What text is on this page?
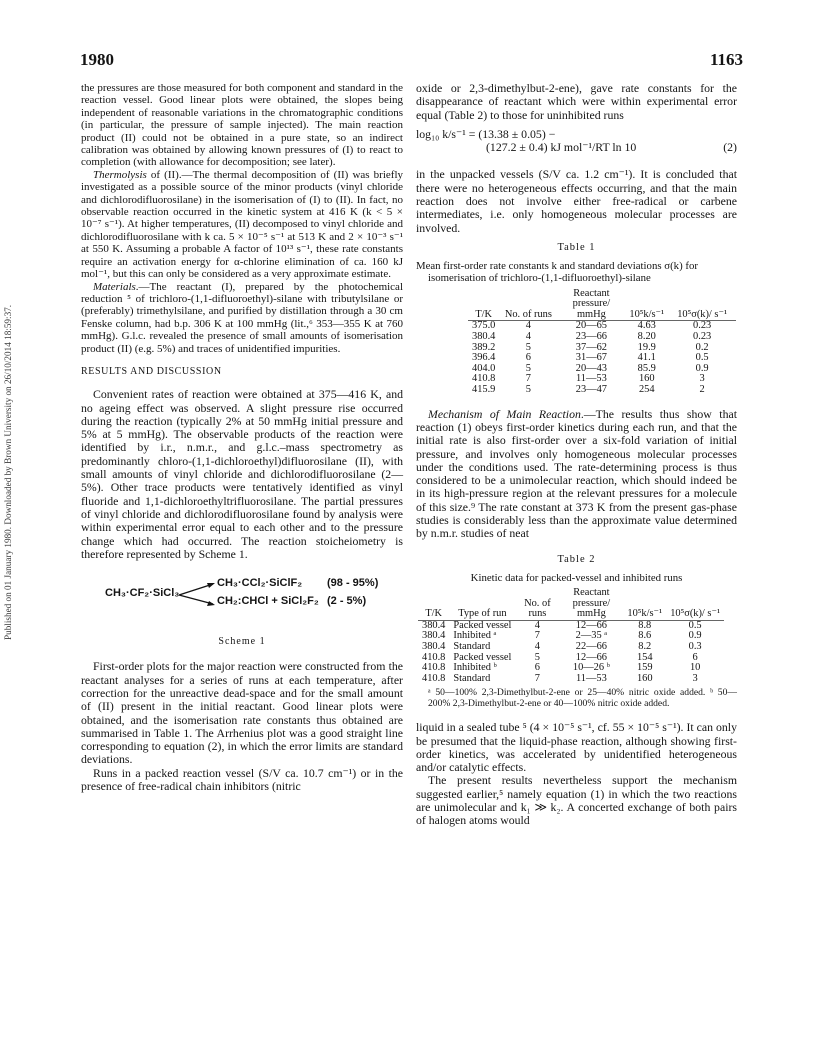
Published on 01 January 1980. Downloaded by Brown University on 26/10/2014 18:59:37.
1980	1163

the pressures are those measured for both component and standard in the reaction vessel. Good linear plots were obtained, the slopes being independent of reasonable variations in the chromatographic conditions (in particular, the pressure of sample injected). The main reaction product (II) could not be obtained in a pure state, so an indirect calibration was obtained by allowing known pressures of (I) to react to completion (with allowance for decomposition; see later).

Thermolysis of (II).—The thermal decomposition of (II) was briefly investigated as a possible source of the minor products (vinyl chloride and dichlorodifluorosilane) in the isomerisation of (I) to (II). In fact, no observable reaction occurred in the kinetic system at 416 K (k < 5 × 10⁻⁷ s⁻¹). At higher temperatures, (II) decomposed to vinyl chloride and dichlorodifluorosilane with k ca. 5 × 10⁻⁵ s⁻¹ at 513 K and 2 × 10⁻³ s⁻¹ at 550 K. Assuming a probable A factor of 10¹³ s⁻¹, these rate constants require an activation energy for α-chlorine elimination of ca. 160 kJ mol⁻¹, but this can only be considered as a very approximate estimate.

Materials.—The reactant (I), prepared by the photochemical reduction ⁵ of trichloro-(1,1-difluoroethyl)-silane with tributylsilane or (preferably) trimethylsilane, and purified by distillation through a 30 cm Fenske column, had b.p. 306 K at 100 mmHg (lit.,⁶ 353—355 K at 760 mmHg). G.l.c. revealed the presence of small amounts of isomerisation product (II) (e.g. 5%) and traces of unidentified impurities.

RESULTS AND DISCUSSION

Convenient rates of reaction were obtained at 375—416 K, and no ageing effect was observed. A slight pressure rise occurred during the reaction (typically 2% at 50 mmHg initial pressure and 5% at 5 mmHg). The observable products of the reaction were identified by i.r., n.m.r., and g.l.c.–mass spectrometry as predominantly chloro-(1,1-dichloroethyl)difluorosilane (II), with small amounts of vinyl chloride and dichlorodifluorosilane (2—5%). Other trace products were tentatively identified as vinyl fluoride and 1,1-dichloroethyltrifluorosilane. The partial pressures of vinyl chloride and dichlorodifluorosilane found by analysis were within experimental error equal to each other and to the pressure change which had occurred. The reaction stoicheiometry is therefore represented by Scheme 1.

CH₃·CF₂·SiCl₃
CH₃·CCl₂·SiClF₂
CH₂:CHCl + SiCl₂F₂
(98 - 95%)
(2 - 5%)
Scheme 1

First-order plots for the major reaction were constructed from the reactant analyses for a series of runs at each temperature, after correction for the unreactive dead-space and for the small amount of (II) present in the initial reactant. Good linear plots were obtained, and the isomerisation rate constants thus obtained are summarised in Table 1. The Arrhenius plot was a good straight line corresponding to equation (2), in which the error limits are standard deviations.

Runs in a packed reaction vessel (S/V ca. 10.7 cm⁻¹) or in the presence of free-radical chain inhibitors (nitric

oxide or 2,3-dimethylbut-2-ene), gave rate constants for the disappearance of reactant which were within experimental error equal (Table 2) to those for uninhibited runs

log₁₀ k/s⁻¹ = (13.38 ± 0.05) −
(127.2 ± 0.4) kJ mol⁻¹/RT ln 10	(2)

in the unpacked vessels (S/V ca. 1.2 cm⁻¹). It is concluded that there were no heterogeneous effects occurring, and that the main reaction does not involve either free-radical or carbene intermediates, i.e. only homogeneous molecular processes are involved.

Table 1
Mean first-order rate constants k and standard deviations σ(k) for isomerisation of trichloro-(1,1-difluoroethyl)-silane
T/K	No. of runs	Reactant pressure/ mmHg	10⁵k/s⁻¹	10⁵σ(k)/ s⁻¹
375.0	4	20—65	4.63	0.23
380.4	4	23—66	8.20	0.23
389.2	5	37—62	19.9	0.2
396.4	6	31—67	41.1	0.5
404.0	5	20—43	85.9	0.9
410.8	7	11—53	160	3
415.9	5	23—47	254	2

Mechanism of Main Reaction.—The results thus show that reaction (1) obeys first-order kinetics during each run, and that the initial rate is also first-order over a six-fold variation of initial pressure, and involves only homogeneous molecular processes under the conditions used. The rate-determining process is thus considered to be a unimolecular reaction, which should indeed be in its high-pressure region at the relevant pressures for a molecule of this size.⁹ The rate constant at 373 K from the present gas-phase studies is considerably less than the approximate value determined by n.m.r. studies of neat

Table 2
Kinetic data for packed-vessel and inhibited runs
T/K	Type of run	No. of runs	Reactant pressure/ mmHg	10⁵k/s⁻¹	10⁵σ(k)/ s⁻¹
380.4	Packed vessel	4	12—66	8.8	0.5
380.4	Inhibited ᵃ	7	2—35 ᵃ	8.6	0.9
380.4	Standard	4	22—66	8.2	0.3
410.8	Packed vessel	5	12—66	154	6
410.8	Inhibited ᵇ	6	10—26 ᵇ	159	10
410.8	Standard	7	11—53	160	3
ᵃ 50—100% 2,3-Dimethylbut-2-ene or 25—40% nitric oxide added. ᵇ 50—200% 2,3-Dimethylbut-2-ene or 40—100% nitric oxide added.

liquid in a sealed tube ⁵ (4 × 10⁻⁵ s⁻¹, cf. 55 × 10⁻⁵ s⁻¹). It can only be presumed that the liquid-phase reaction, although showing first-order kinetics, was accelerated by unidentified heterogeneous and/or catalytic effects.

The present results nevertheless support the mechanism suggested earlier,⁵ namely equation (1) in which the two reactions are unimolecular and k₁ ≫ k₂. A concerted exchange of both pairs of halogen atoms would
